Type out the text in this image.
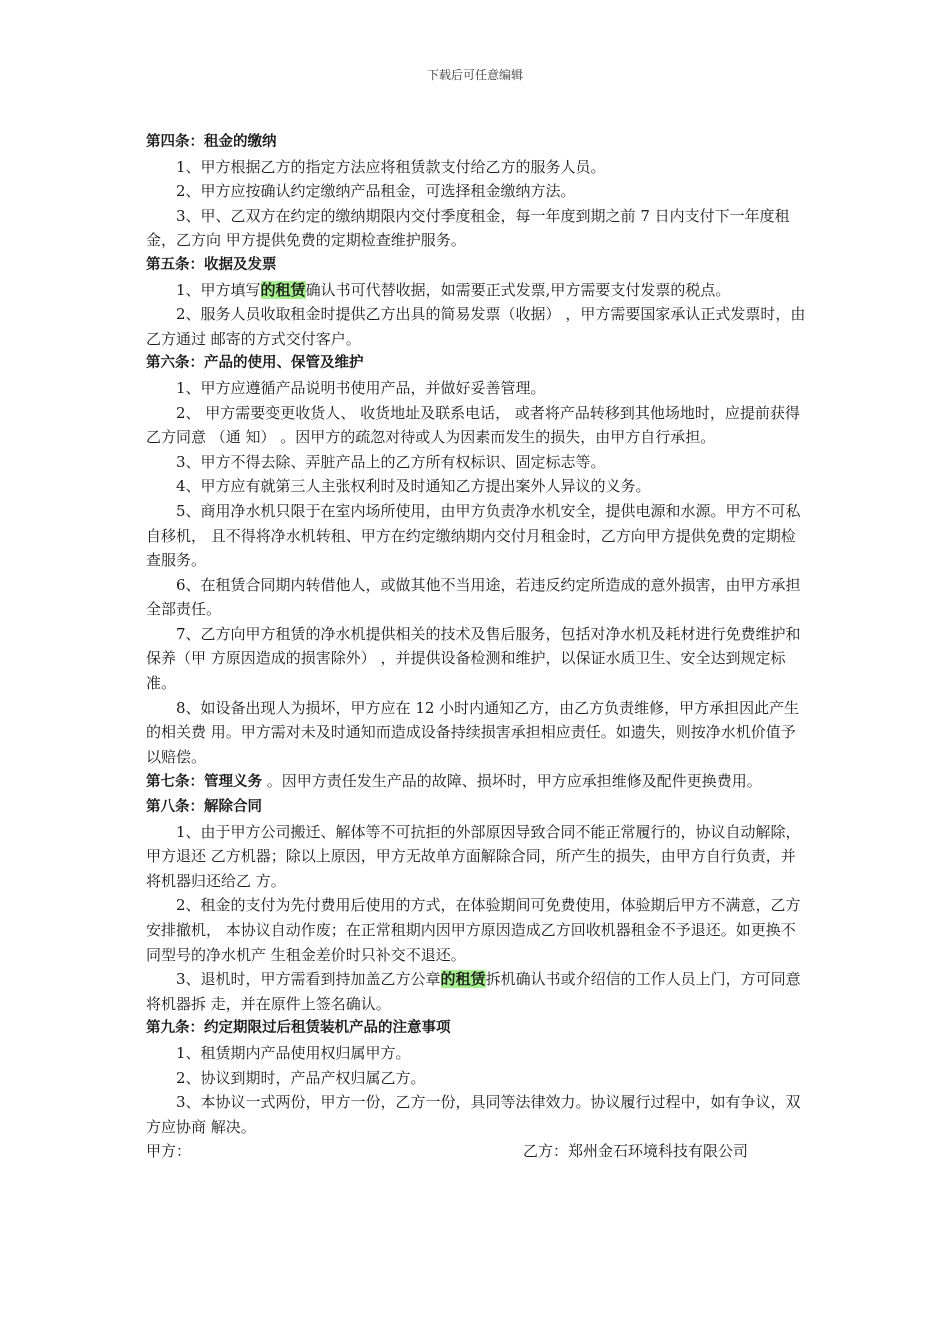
下载后可任意编辑

第四条：租金的缴纳

1、甲方根据乙方的指定方法应将租赁款支付给乙方的服务人员。

2、甲方应按确认约定缴纳产品租金，可选择租金缴纳方法。

3、甲、乙双方在约定的缴纳期限内交付季度租金，每一年度到期之前 7 日内支付下一年度租金，乙方向 甲方提供免费的定期检查维护服务。

第五条：收据及发票

1、甲方填写的租赁确认书可代替收据，如需要正式发票,甲方需要支付发票的税点。

2、服务人员收取租金时提供乙方出具的简易发票（收据） ，甲方需要国家承认正式发票时，由乙方通过 邮寄的方式交付客户。

第六条：产品的使用、保管及维护

1、甲方应遵循产品说明书使用产品，并做好妥善管理。

2、 甲方需要变更收货人、 收货地址及联系电话， 或者将产品转移到其他场地时，应提前获得乙方同意 （通 知） 。因甲方的疏忽对待或人为因素而发生的损失，由甲方自行承担。

3、甲方不得去除、弄脏产品上的乙方所有权标识、固定标志等。

4、甲方应有就第三人主张权利时及时通知乙方提出案外人异议的义务。

5、商用净水机只限于在室内场所使用，由甲方负责净水机安全，提供电源和水源。甲方不可私自移机， 且不得将净水机转租、甲方在约定缴纳期内交付月租金时，乙方向甲方提供免费的定期检查服务。

6、在租赁合同期内转借他人，或做其他不当用途，若违反约定所造成的意外损害，由甲方承担全部责任。

7、乙方向甲方租赁的净水机提供相关的技术及售后服务，包括对净水机及耗材进行免费维护和保养（甲 方原因造成的损害除外） ，并提供设备检测和维护，以保证水质卫生、安全达到规定标准。

8、如设备出现人为损坏，甲方应在 12 小时内通知乙方，由乙方负责维修，甲方承担因此产生的相关费 用。甲方需对未及时通知而造成设备持续损害承担相应责任。如遗失，则按净水机价值予以赔偿。

第七条：管理义务 。因甲方责任发生产品的故障、损坏时，甲方应承担维修及配件更换费用。

第八条：解除合同

1、由于甲方公司搬迁、解体等不可抗拒的外部原因导致合同不能正常履行的，协议自动解除，甲方退还 乙方机器；除以上原因，甲方无故单方面解除合同，所产生的损失，由甲方自行负责，并将机器归还给乙 方。

2、租金的支付为先付费用后使用的方式，在体验期间可免费使用，体验期后甲方不满意，乙方安排撤机， 本协议自动作废；在正常租期内因甲方原因造成乙方回收机器租金不予退还。如更换不同型号的净水机产 生租金差价时只补交不退还。

3、退机时，甲方需看到持加盖乙方公章的租赁拆机确认书或介绍信的工作人员上门，方可同意将机器拆 走，并在原件上签名确认。

第九条：约定期限过后租赁装机产品的注意事项

1、租赁期内产品使用权归属甲方。

2、协议到期时，产品产权归属乙方。

3、本协议一式两份，甲方一份，乙方一份，具同等法律效力。协议履行过程中，如有争议，双方应协商 解决。

甲方：	乙方：郑州金石环境科技有限公司
